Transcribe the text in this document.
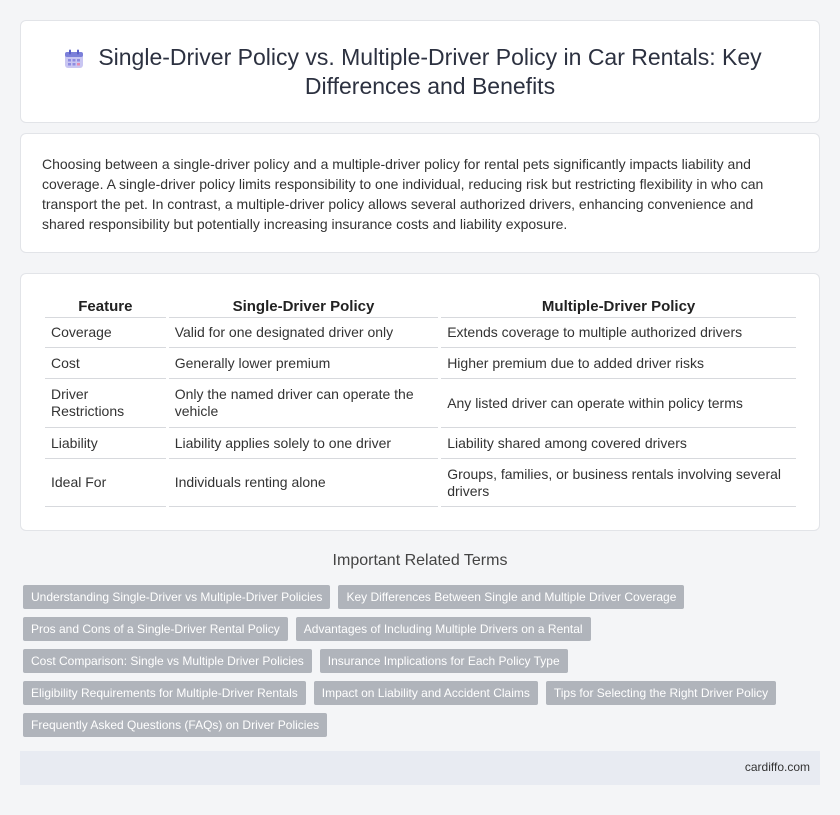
Single-Driver Policy vs. Multiple-Driver Policy in Car Rentals: Key Differences and Benefits

Choosing between a single-driver policy and a multiple-driver policy for rental pets significantly impacts liability and coverage. A single-driver policy limits responsibility to one individual, reducing risk but restricting flexibility in who can transport the pet. In contrast, a multiple-driver policy allows several authorized drivers, enhancing convenience and shared responsibility but potentially increasing insurance costs and liability exposure.

Feature	Single-Driver Policy	Multiple-Driver Policy
Coverage	Valid for one designated driver only	Extends coverage to multiple authorized drivers
Cost	Generally lower premium	Higher premium due to added driver risks
Driver Restrictions	Only the named driver can operate the vehicle	Any listed driver can operate within policy terms
Liability	Liability applies solely to one driver	Liability shared among covered drivers
Ideal For	Individuals renting alone	Groups, families, or business rentals involving several drivers
Important Related Terms
Understanding Single-Driver vs Multiple-Driver Policies	Key Differences Between Single and Multiple Driver Coverage
Pros and Cons of a Single-Driver Rental Policy	Advantages of Including Multiple Drivers on a Rental
Cost Comparison: Single vs Multiple Driver Policies	Insurance Implications for Each Policy Type
Eligibility Requirements for Multiple-Driver Rentals	Impact on Liability and Accident Claims	Tips for Selecting the Right Driver Policy
Frequently Asked Questions (FAQs) on Driver Policies
cardiffo.com
